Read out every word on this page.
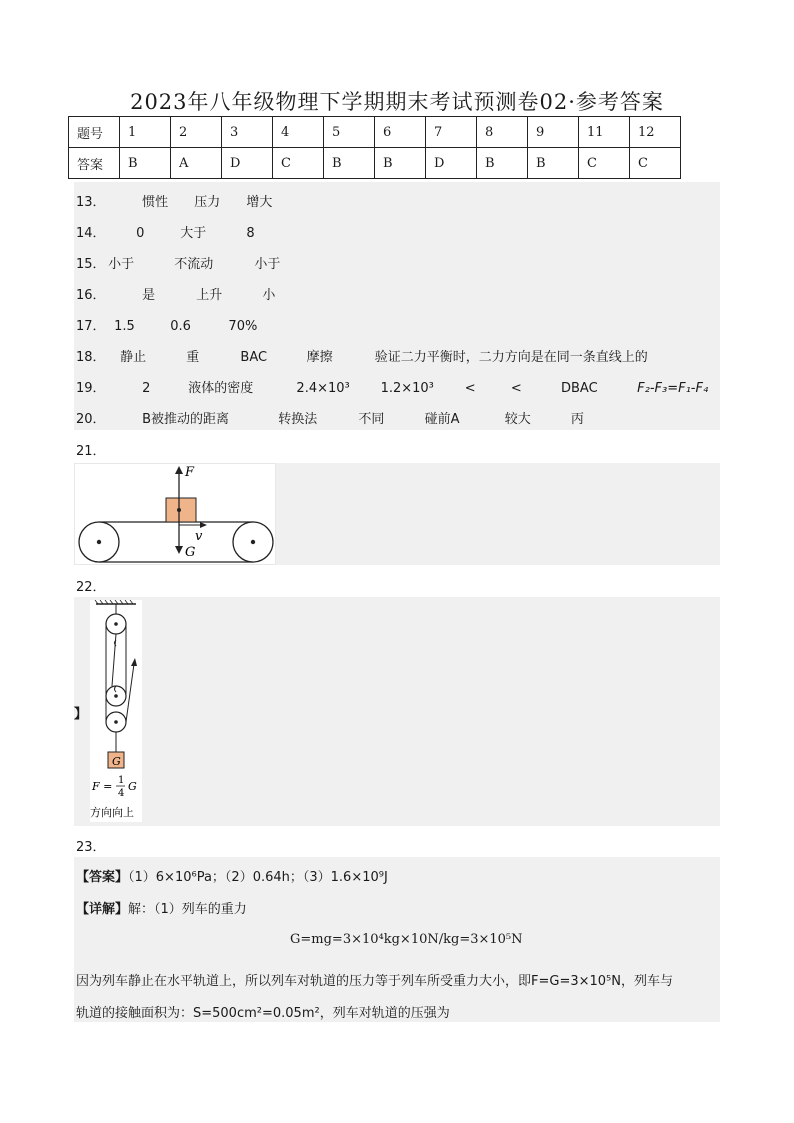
2023年八年级物理下学期期末考试预测卷02·参考答案
题号	1	2	3	4	5	6	7	8	9	11	12
答案	B	A	D	C	B	B	D	B	B	C	C
13．	惯性 压力 增大
14． 0	大于	8
15． 小于	不流动	小于
16．	是	上升	小
17． 1.5	0.6	70%
18． 静止	重	BAC	摩擦	验证二力平衡时，二力方向是在同一条直线上的
19．	2	液体的密度	2.4×10³ 1.2×10³ <	<	DBAC	F₂-F₃=F₁-F₄
20．	B被推动的距离	转换法	不同	碰前A	较大	丙
21．
F
v
G
22．
】
G
F = 1
4
G
方向向上
23．
【答案】（1）6×10⁶Pa；（2）0.64h；（3）1.6×10⁹J
【详解】解：（1）列车的重力
G=mg=3×10⁴kg×10N/kg=3×10⁵N
因为列车静止在水平轨道上，所以列车对轨道的压力等于列车所受重力大小，即F=G=3×10⁵N，列车与
轨道的接触面积为：S=500cm²=0.05m²，列车对轨道的压强为
